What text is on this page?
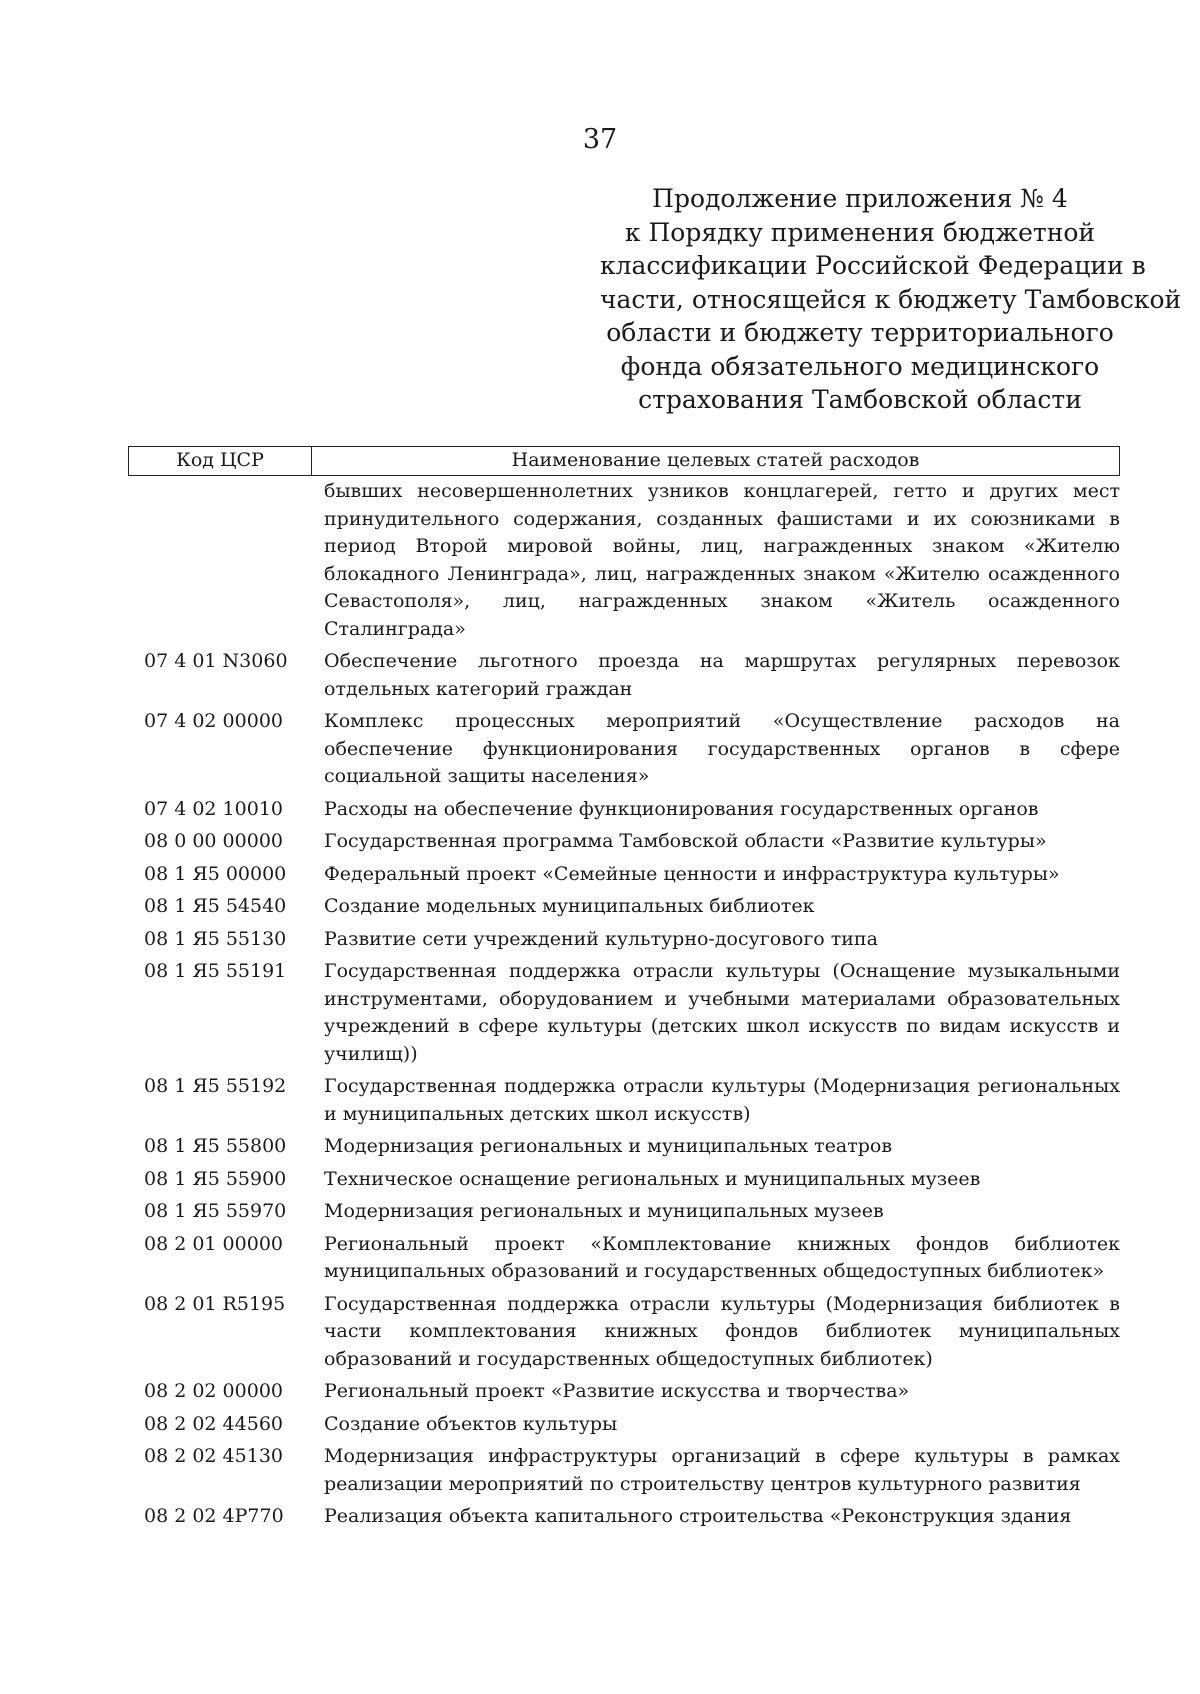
37
Продолжение приложения № 4
к Порядку применения бюджетной
классификации Российской Федерации в
части, относящейся к бюджету Тамбовской
области и бюджету территориального
фонда обязательного медицинского
страхования Тамбовской области
Код ЦСР	Наименование целевых статей расходов
бывших несовершеннолетних узников концлагерей, гетто и других мест принудительного содержания, созданных фашистами и их союзниками в период Второй мировой войны, лиц, награжденных знаком «Жителю блокадного Ленинграда», лиц, награжденных знаком «Жителю осажденного Севастополя», лиц, награжденных знаком «Житель осажденного Сталинграда»
07 4 01 N3060	Обеспечение льготного проезда на маршрутах регулярных перевозок отдельных категорий граждан
07 4 02 00000	Комплекс процессных мероприятий «Осуществление расходов на обеспечение функционирования государственных органов в сфере социальной защиты населения»
07 4 02 10010	Расходы на обеспечение функционирования государственных органов
08 0 00 00000	Государственная программа Тамбовской области «Развитие культуры»
08 1 Я5 00000	Федеральный проект «Семейные ценности и инфраструктура культуры»
08 1 Я5 54540	Создание модельных муниципальных библиотек
08 1 Я5 55130	Развитие сети учреждений культурно-досугового типа
08 1 Я5 55191	Государственная поддержка отрасли культуры (Оснащение музыкальными инструментами, оборудованием и учебными материалами образовательных учреждений в сфере культуры (детских школ искусств по видам искусств и училищ))
08 1 Я5 55192	Государственная поддержка отрасли культуры (Модернизация региональных и муниципальных детских школ искусств)
08 1 Я5 55800	Модернизация региональных и муниципальных театров
08 1 Я5 55900	Техническое оснащение региональных и муниципальных музеев
08 1 Я5 55970	Модернизация региональных и муниципальных музеев
08 2 01 00000	Региональный проект «Комплектование книжных фондов библиотек муниципальных образований и государственных общедоступных библиотек»
08 2 01 R5195	Государственная поддержка отрасли культуры (Модернизация библиотек в части комплектования книжных фондов библиотек муниципальных образований и государственных общедоступных библиотек)
08 2 02 00000	Региональный проект «Развитие искусства и творчества»
08 2 02 44560	Создание объектов культуры
08 2 02 45130	Модернизация инфраструктуры организаций в сфере культуры в рамках реализации мероприятий по строительству центров культурного развития
08 2 02 4P770	Реализация объекта капитального строительства «Реконструкция здания
